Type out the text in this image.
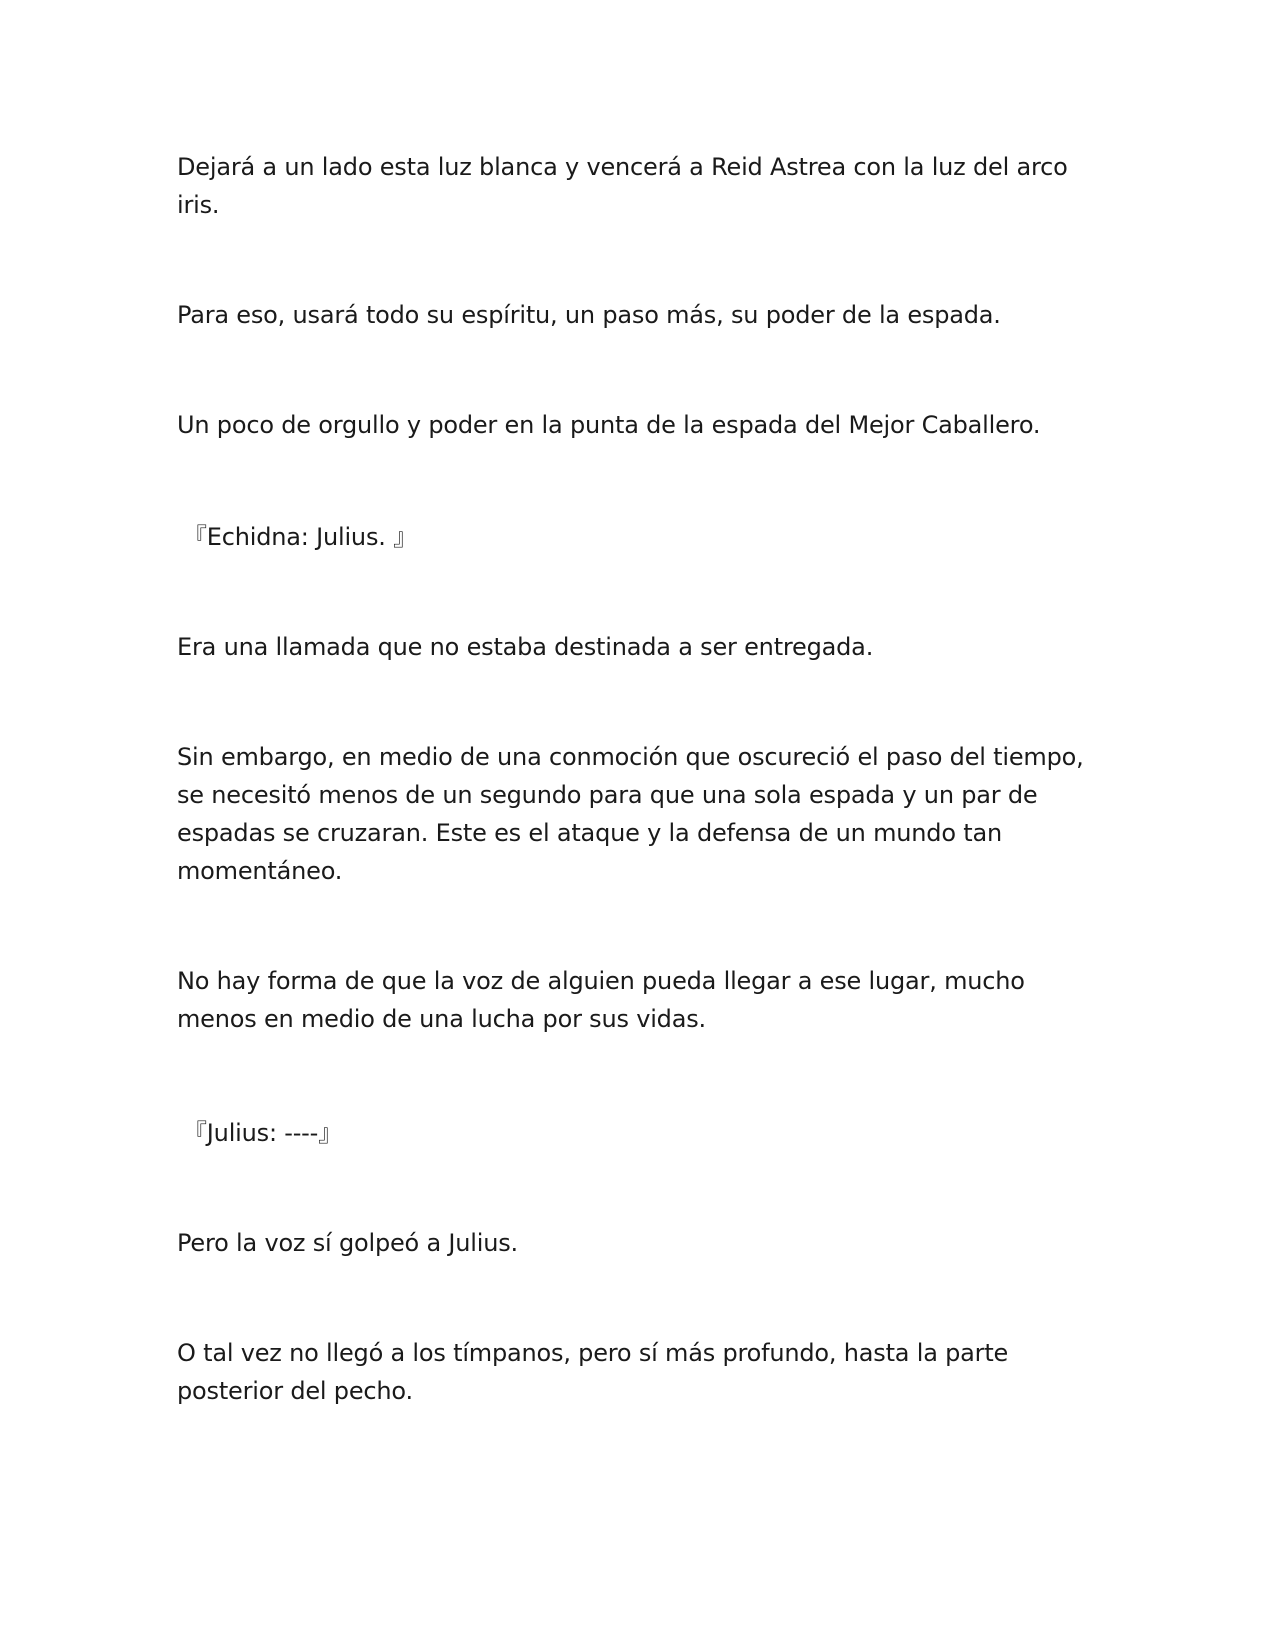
Dejará a un lado esta luz blanca y vencerá a Reid Astrea con la luz del arco iris.

Para eso, usará todo su espíritu, un paso más, su poder de la espada.

Un poco de orgullo y poder en la punta de la espada del Mejor Caballero.

『Echidna: Julius. 』

Era una llamada que no estaba destinada a ser entregada.

Sin embargo, en medio de una conmoción que oscureció el paso del tiempo, se necesitó menos de un segundo para que una sola espada y un par de espadas se cruzaran. Este es el ataque y la defensa de un mundo tan momentáneo.

No hay forma de que la voz de alguien pueda llegar a ese lugar, mucho menos en medio de una lucha por sus vidas.

『Julius: ----』

Pero la voz sí golpeó a Julius.

O tal vez no llegó a los tímpanos, pero sí más profundo, hasta la parte posterior del pecho.
